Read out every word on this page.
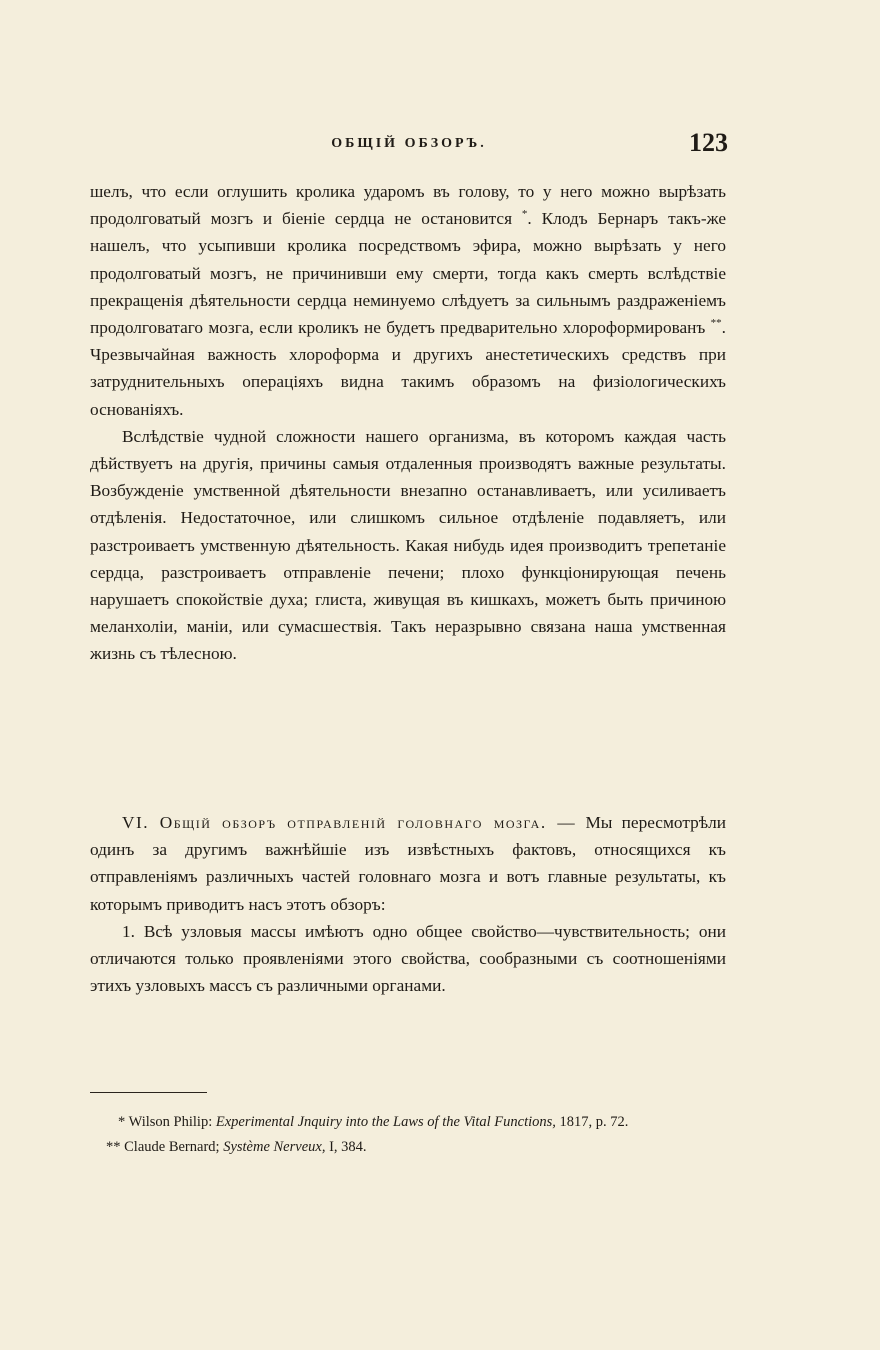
ОБЩІЙ ОБЗОРЪ.	123

шелъ, что если оглушить кролика ударомъ въ голову, то у него можно вырѣзать продолговатый мозгъ и біеніе сердца не остановится *. Клодъ Бернаръ такъ-же нашелъ, что усыпивши кролика посредствомъ эфира, можно вырѣзать у него продолговатый мозгъ, не причинивши ему смерти, тогда какъ смерть вслѣдствіе прекращенія дѣятельности сердца неминуемо слѣдуетъ за сильнымъ раздраженіемъ продолговатаго мозга, если кроликъ не будетъ предварительно хлороформированъ **. Чрезвычайная важность хлороформа и другихъ анестетическихъ средствъ при затруднительныхъ операціяхъ видна такимъ образомъ на физіологическихъ основаніяхъ.

Вслѣдствіе чудной сложности нашего организма, въ которомъ каждая часть дѣйствуетъ на другія, причины самыя отдаленныя производятъ важные результаты. Возбужденіе умственной дѣятельности внезапно останавливаетъ, или усиливаетъ отдѣленія. Недостаточное, или слишкомъ сильное отдѣленіе подавляетъ, или разстроиваетъ умственную дѣятельность. Какая нибудь идея производитъ трепетаніе сердца, разстроиваетъ отправленіе печени; плохо функціонирующая печень нарушаетъ спокойствіе духа; глиста, живущая въ кишкахъ, можетъ быть причиною меланхоліи, маніи, или сумасшествія. Такъ неразрывно связана наша умственная жизнь съ тѣлесною.

VI. Общій обзоръ отправленій головнаго мозга. — Мы пересмотрѣли одинъ за другимъ важнѣйшіе изъ извѣстныхъ фактовъ, относящихся къ отправленіямъ различныхъ частей головнаго мозга и вотъ главные результаты, къ которымъ приводитъ насъ этотъ обзоръ:

1. Всѣ узловыя массы имѣютъ одно общее свойство—чувствительность; они отличаются только проявленіями этого свойства, сообразными съ соотношеніями этихъ узловыхъ массъ съ различными органами.

* Wilson Philip: Experimental Jnquiry into the Laws of the Vital Functions, 1817, p. 72.

** Claude Bernard; Système Nerveux, I, 384.
